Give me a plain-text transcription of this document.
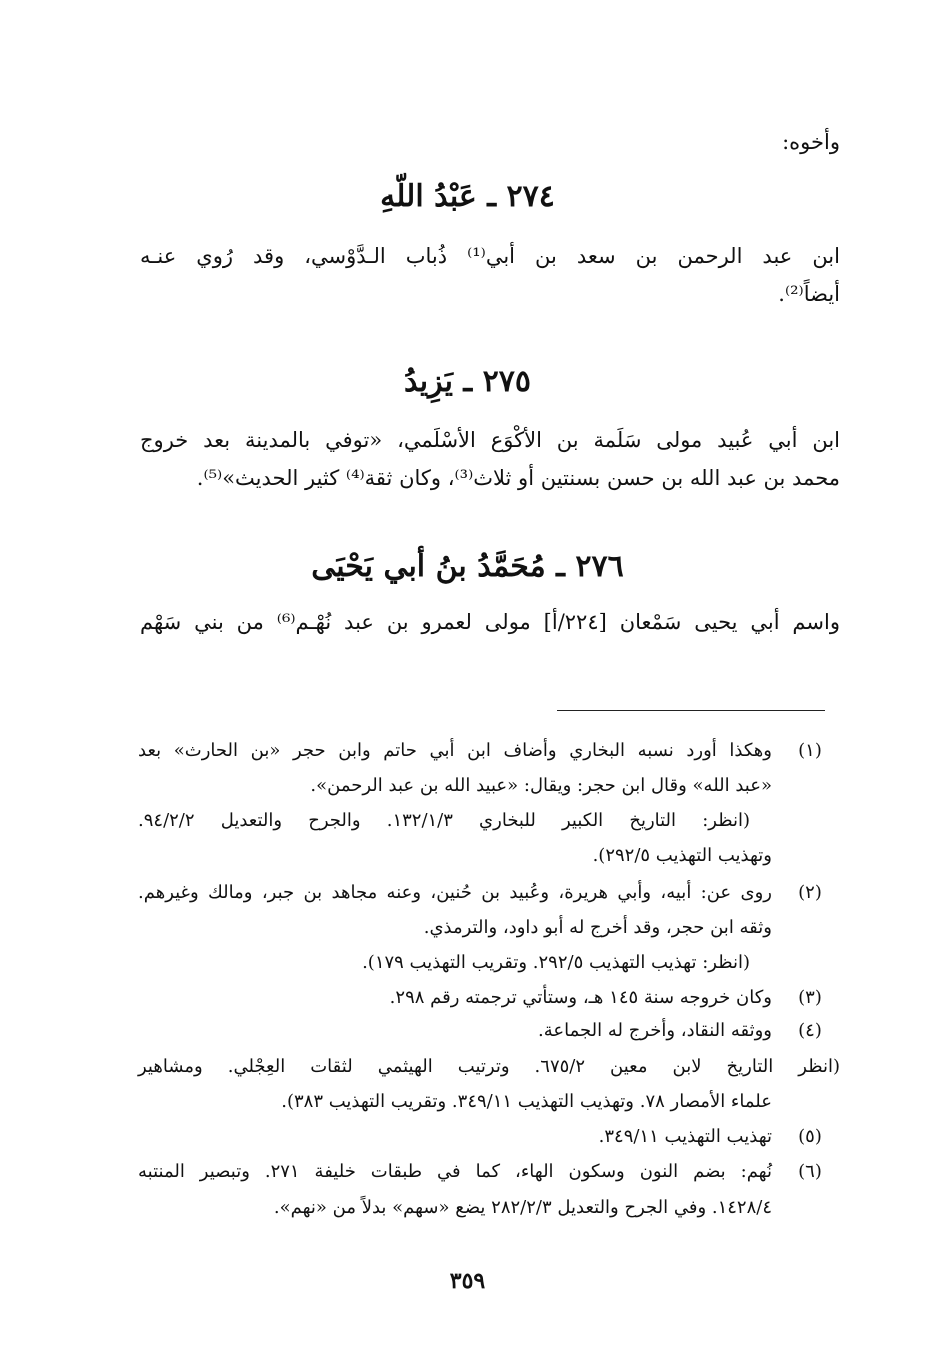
وأخوه:
٢٧٤ ـ عَبْدُ اللّهِ
ابن عبد الرحمن بن سعد بن أبي⁽¹⁾ ذُباب الـدَّوْسي، وقد رُوي عنـه
أيضاً⁽²⁾.
٢٧٥ ـ يَزِيدُ
ابن أبي عُبيد مولى سَلَمة بن الأكْوَع الأسْلَمي، «توفي بالمدينة بعد خروج
محمد بن عبد الله بن حسن بسنتين أو ثلاث⁽³⁾، وكان ثقة⁽⁴⁾ كثير الحديث»⁽⁵⁾.
٢٧٦ ـ مُحَمَّدُ بنُ أبي يَحْيَى
واسم أبي يحيى سَمْعان [٢٢٤/أ] مولى لعمرو بن عبد نُهْـم⁽⁶⁾ من بني سَهْم
(١)
وهكذا أورد نسبه البخاري وأضاف ابن أبي حاتم وابن حجر «بن الحارث» بعد
«عبد الله» وقال ابن حجر: ويقال: «عبيد الله بن عبد الرحمن».
(انظر: التاريخ الكبير للبخاري ١٣٢/١/٣. والجرح والتعديل ٩٤/٢/٢.
وتهذيب التهذيب ٢٩٢/٥).
(٢)
روى عن: أبيه، وأبي هريرة، وعُبيد بن حُنين، وعنه مجاهد بن جبر، ومالك وغيرهم.
وثقه ابن حجر، وقد أخرج له أبو داود، والترمذي.
(انظر: تهذيب التهذيب ٢٩٢/٥. وتقريب التهذيب ١٧٩).
(٣)
وكان خروجه سنة ١٤٥ هـ، وستأتي ترجمته رقم ٢٩٨.
(٤)
ووثقه النقاد، وأخرج له الجماعة.
(انظر التاريخ لابن معين ٦٧٥/٢. وترتيب الهيثمي لثقات العِجْلي. ومشاهير
علماء الأمصار ٧٨. وتهذيب التهذيب ٣٤٩/١١. وتقريب التهذيب ٣٨٣).
(٥)
تهذيب التهذيب ٣٤٩/١١.
(٦)
نُهم: بضم النون وسكون الهاء، كما في طبقات خليفة ٢٧١. وتبصير المنتبه
١٤٢٨/٤. وفي الجرح والتعديل ٢٨٢/٢/٣ يضع «سهم» بدلاً من «نهم».
٣٥٩
